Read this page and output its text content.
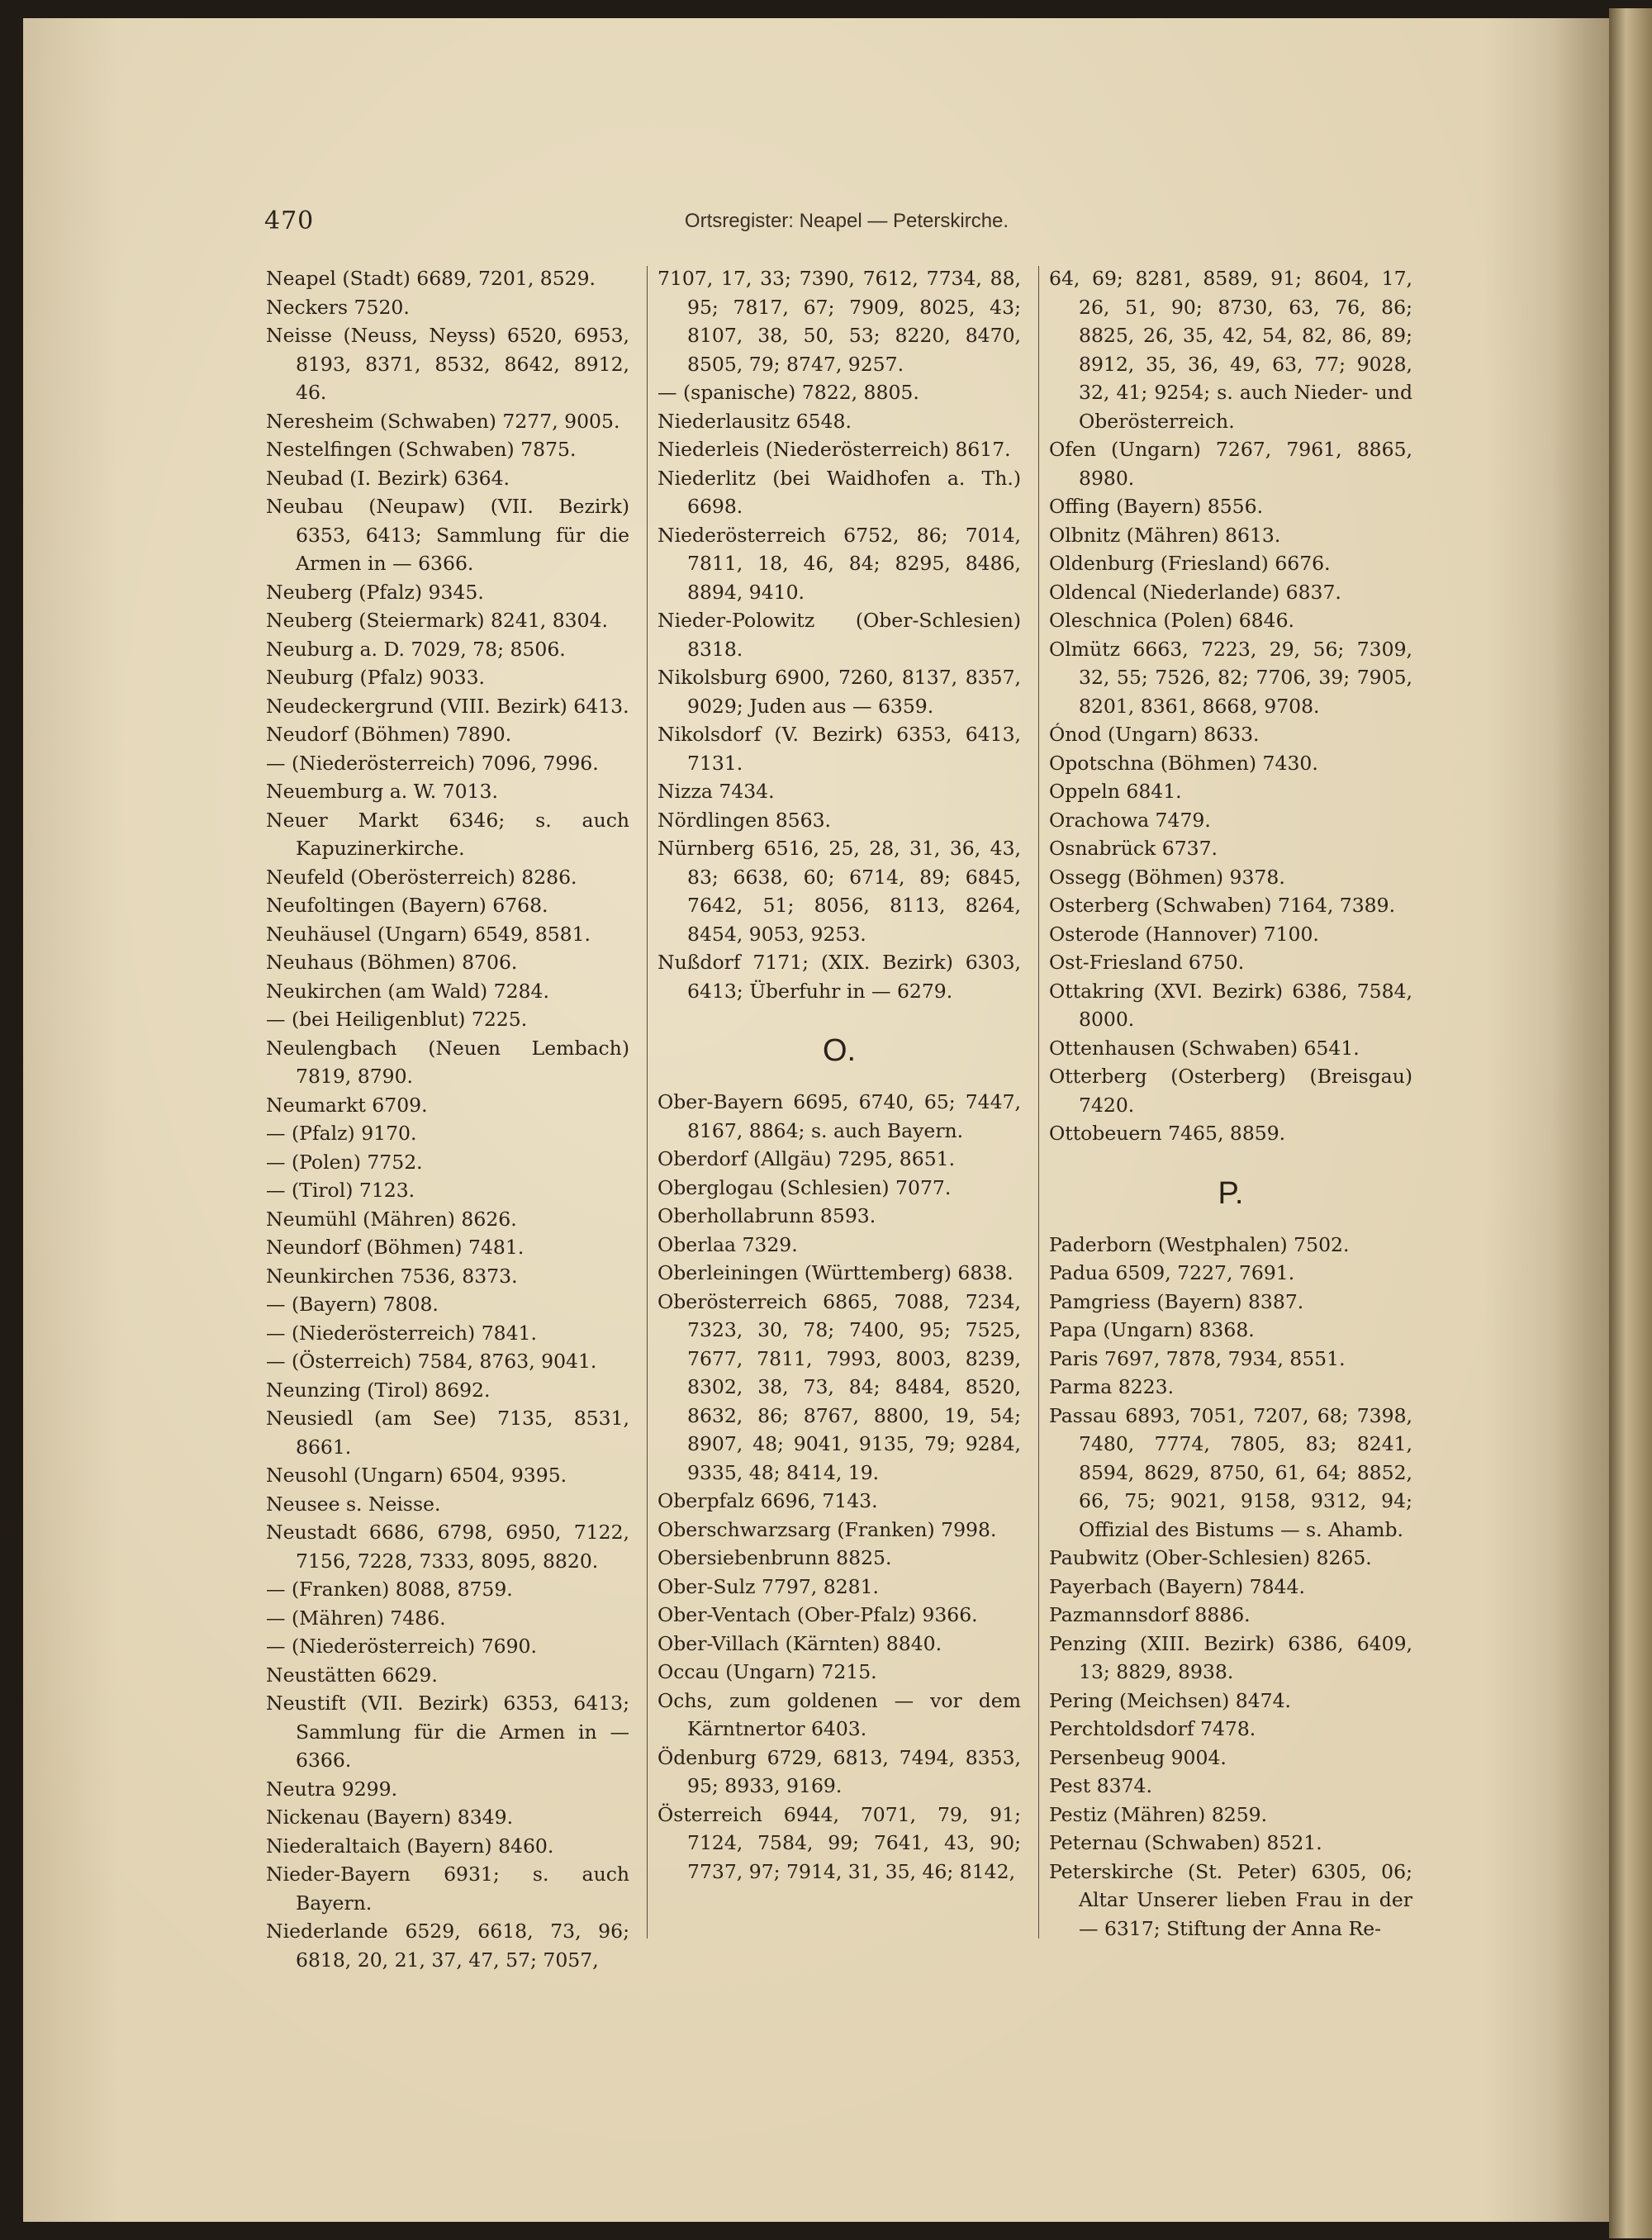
470	Ortsregister: Neapel — Peterskirche.

Neapel (Stadt) 6689, 7201, 8529.

Neckers 7520.

Neisse (Neuss, Neyss) 6520, 6953, 8193, 8371, 8532, 8642, 8912, 46.

Neresheim (Schwaben) 7277, 9005.

Nestelfingen (Schwaben) 7875.

Neubad (I. Bezirk) 6364.

Neubau (Neupaw) (VII. Bezirk) 6353, 6413; Sammlung für die Armen in — 6366.

Neuberg (Pfalz) 9345.

Neuberg (Steiermark) 8241, 8304.

Neuburg a. D. 7029, 78; 8506.

Neuburg (Pfalz) 9033.

Neudeckergrund (VIII. Bezirk) 6413.

Neudorf (Böhmen) 7890.

— (Niederösterreich) 7096, 7996.

Neuemburg a. W. 7013.

Neuer Markt 6346; s. auch Kapuzinerkirche.

Neufeld (Oberösterreich) 8286.

Neufoltingen (Bayern) 6768.

Neuhäusel (Ungarn) 6549, 8581.

Neuhaus (Böhmen) 8706.

Neukirchen (am Wald) 7284.

— (bei Heiligenblut) 7225.

Neulengbach (Neuen Lembach) 7819, 8790.

Neumarkt 6709.

— (Pfalz) 9170.

— (Polen) 7752.

— (Tirol) 7123.

Neumühl (Mähren) 8626.

Neundorf (Böhmen) 7481.

Neunkirchen 7536, 8373.

— (Bayern) 7808.

— (Niederösterreich) 7841.

— (Österreich) 7584, 8763, 9041.

Neunzing (Tirol) 8692.

Neusiedl (am See) 7135, 8531, 8661.

Neusohl (Ungarn) 6504, 9395.

Neusee s. Neisse.

Neustadt 6686, 6798, 6950, 7122, 7156, 7228, 7333, 8095, 8820.

— (Franken) 8088, 8759.

— (Mähren) 7486.

— (Niederösterreich) 7690.

Neustätten 6629.

Neustift (VII. Bezirk) 6353, 6413; Sammlung für die Armen in — 6366.

Neutra 9299.

Nickenau (Bayern) 8349.

Niederaltaich (Bayern) 8460.

Nieder-Bayern 6931; s. auch Bayern.

Niederlande 6529, 6618, 73, 96; 6818, 20, 21, 37, 47, 57; 7057,

7107, 17, 33; 7390, 7612, 7734, 88, 95; 7817, 67; 7909, 8025, 43; 8107, 38, 50, 53; 8220, 8470, 8505, 79; 8747, 9257.

— (spanische) 7822, 8805.

Niederlausitz 6548.

Niederleis (Niederösterreich) 8617.

Niederlitz (bei Waidhofen a. Th.) 6698.

Niederösterreich 6752, 86; 7014, 7811, 18, 46, 84; 8295, 8486, 8894, 9410.

Nieder-Polowitz (Ober-Schlesien) 8318.

Nikolsburg 6900, 7260, 8137, 8357, 9029; Juden aus — 6359.

Nikolsdorf (V. Bezirk) 6353, 6413, 7131.

Nizza 7434.

Nördlingen 8563.

Nürnberg 6516, 25, 28, 31, 36, 43, 83; 6638, 60; 6714, 89; 6845, 7642, 51; 8056, 8113, 8264, 8454, 9053, 9253.

Nußdorf 7171; (XIX. Bezirk) 6303, 6413; Überfuhr in — 6279.

O.

Ober-Bayern 6695, 6740, 65; 7447, 8167, 8864; s. auch Bayern.

Oberdorf (Allgäu) 7295, 8651.

Oberglogau (Schlesien) 7077.

Oberhollabrunn 8593.

Oberlaa 7329.

Oberleiningen (Württemberg) 6838.

Oberösterreich 6865, 7088, 7234, 7323, 30, 78; 7400, 95; 7525, 7677, 7811, 7993, 8003, 8239, 8302, 38, 73, 84; 8484, 8520, 8632, 86; 8767, 8800, 19, 54; 8907, 48; 9041, 9135, 79; 9284, 9335, 48; 8414, 19.

Oberpfalz 6696, 7143.

Oberschwarzsarg (Franken) 7998.

Obersiebenbrunn 8825.

Ober-Sulz 7797, 8281.

Ober-Ventach (Ober-Pfalz) 9366.

Ober-Villach (Kärnten) 8840.

Occau (Ungarn) 7215.

Ochs, zum goldenen — vor dem Kärntnertor 6403.

Ödenburg 6729, 6813, 7494, 8353, 95; 8933, 9169.

Österreich 6944, 7071, 79, 91; 7124, 7584, 99; 7641, 43, 90; 7737, 97; 7914, 31, 35, 46; 8142,

64, 69; 8281, 8589, 91; 8604, 17, 26, 51, 90; 8730, 63, 76, 86; 8825, 26, 35, 42, 54, 82, 86, 89; 8912, 35, 36, 49, 63, 77; 9028, 32, 41; 9254; s. auch Nieder- und Oberösterreich.

Ofen (Ungarn) 7267, 7961, 8865, 8980.

Offing (Bayern) 8556.

Olbnitz (Mähren) 8613.

Oldenburg (Friesland) 6676.

Oldencal (Niederlande) 6837.

Oleschnica (Polen) 6846.

Olmütz 6663, 7223, 29, 56; 7309, 32, 55; 7526, 82; 7706, 39; 7905, 8201, 8361, 8668, 9708.

Ónod (Ungarn) 8633.

Opotschna (Böhmen) 7430.

Oppeln 6841.

Orachowa 7479.

Osnabrück 6737.

Ossegg (Böhmen) 9378.

Osterberg (Schwaben) 7164, 7389.

Osterode (Hannover) 7100.

Ost-Friesland 6750.

Ottakring (XVI. Bezirk) 6386, 7584, 8000.

Ottenhausen (Schwaben) 6541.

Otterberg (Osterberg) (Breisgau) 7420.

Ottobeuern 7465, 8859.

P.

Paderborn (Westphalen) 7502.

Padua 6509, 7227, 7691.

Pamgriess (Bayern) 8387.

Papa (Ungarn) 8368.

Paris 7697, 7878, 7934, 8551.

Parma 8223.

Passau 6893, 7051, 7207, 68; 7398, 7480, 7774, 7805, 83; 8241, 8594, 8629, 8750, 61, 64; 8852, 66, 75; 9021, 9158, 9312, 94; Offizial des Bistums — s. Ahamb.

Paubwitz (Ober-Schlesien) 8265.

Payerbach (Bayern) 7844.

Pazmannsdorf 8886.

Penzing (XIII. Bezirk) 6386, 6409, 13; 8829, 8938.

Pering (Meichsen) 8474.

Perchtoldsdorf 7478.

Persenbeug 9004.

Pest 8374.

Pestiz (Mähren) 8259.

Peternau (Schwaben) 8521.

Peterskirche (St. Peter) 6305, 06; Altar Unserer lieben Frau in der — 6317; Stiftung der Anna Re-
